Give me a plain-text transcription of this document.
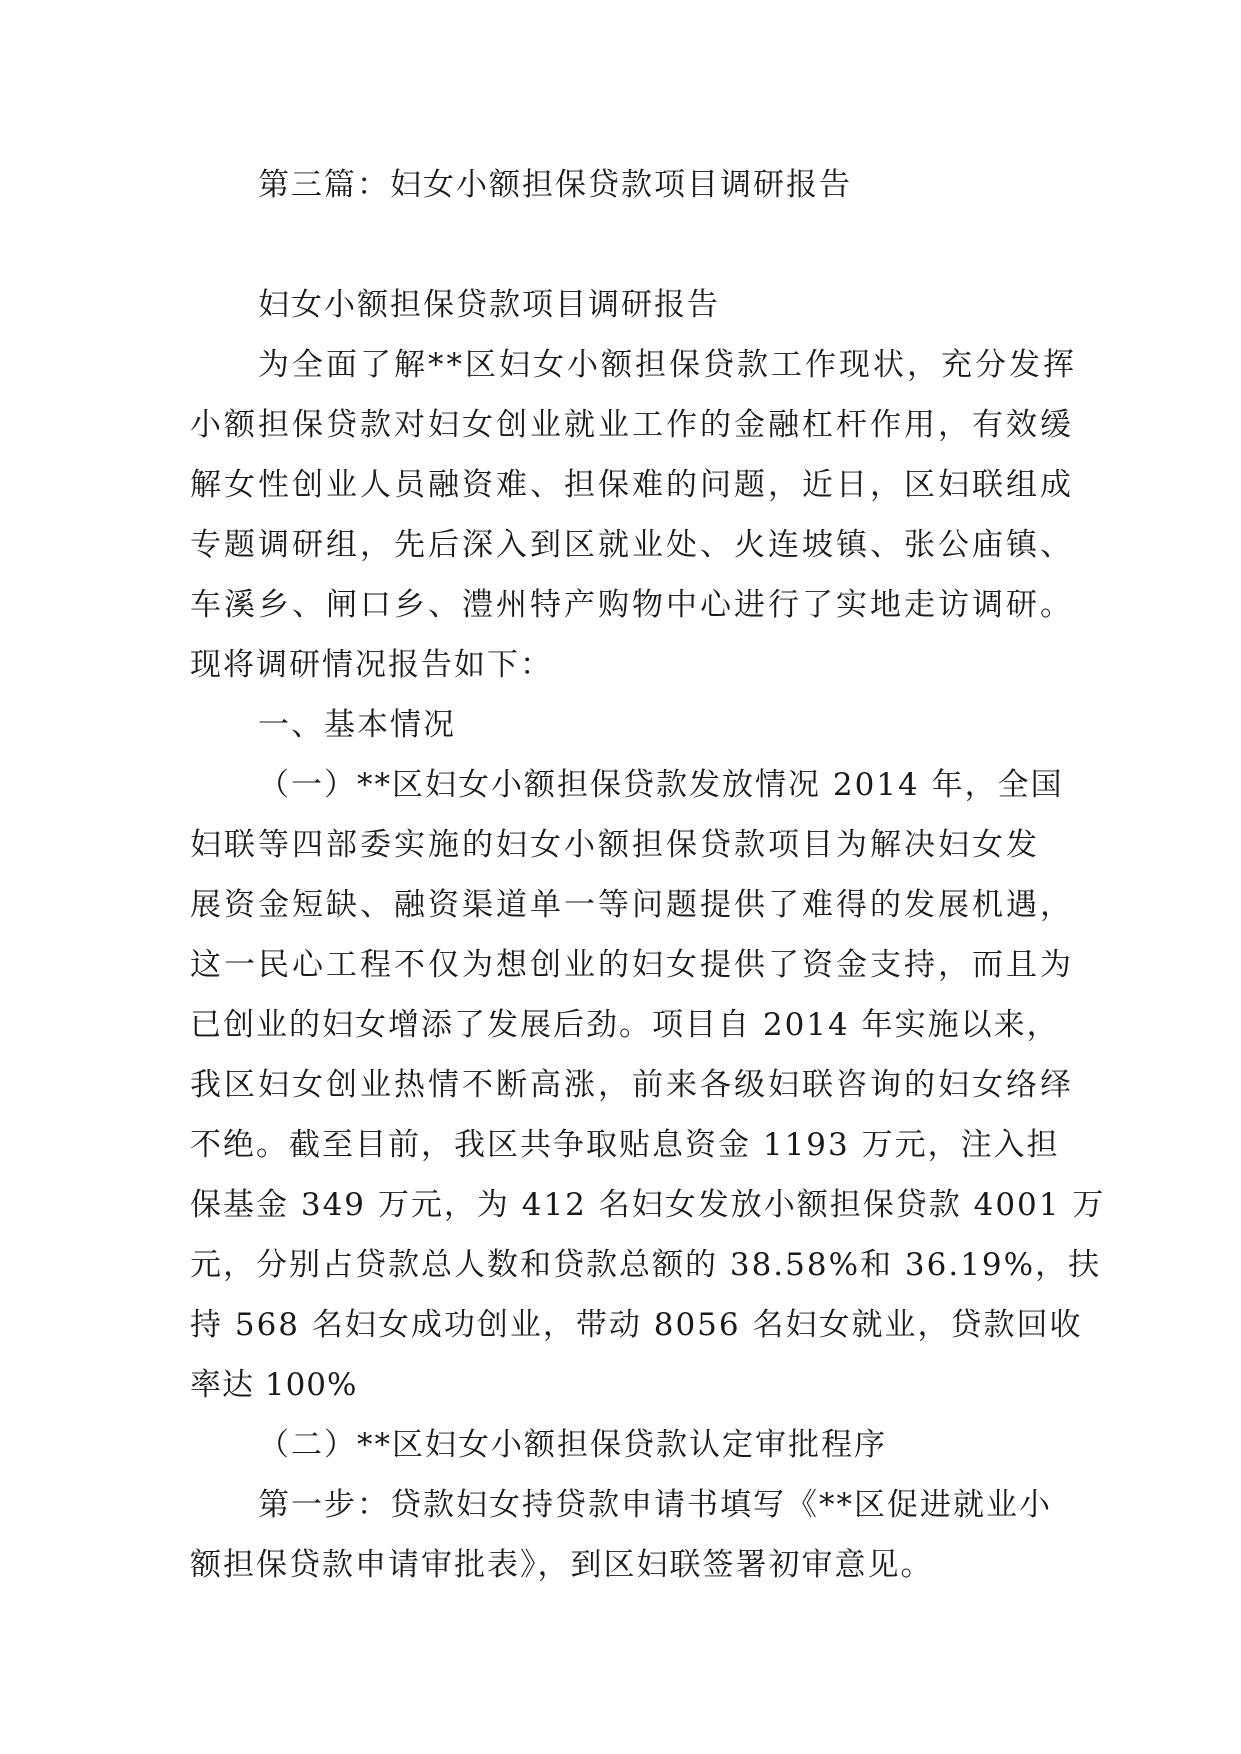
第三篇：妇女小额担保贷款项目调研报告
妇女小额担保贷款项目调研报告
为全面了解**区妇女小额担保贷款工作现状，充分发挥
小额担保贷款对妇女创业就业工作的金融杠杆作用，有效缓
解女性创业人员融资难、担保难的问题，近日，区妇联组成
专题调研组，先后深入到区就业处、火连坡镇、张公庙镇、
车溪乡、闸口乡、澧州特产购物中心进行了实地走访调研。
现将调研情况报告如下：
一、基本情况
（一）**区妇女小额担保贷款发放情况 2014 年，全国
妇联等四部委实施的妇女小额担保贷款项目为解决妇女发
展资金短缺、融资渠道单一等问题提供了难得的发展机遇，
这一民心工程不仅为想创业的妇女提供了资金支持，而且为
已创业的妇女增添了发展后劲。项目自 2014 年实施以来，
我区妇女创业热情不断高涨，前来各级妇联咨询的妇女络绎
不绝。截至目前，我区共争取贴息资金 1193 万元，注入担
保基金 349 万元，为 412 名妇女发放小额担保贷款 4001 万
元，分别占贷款总人数和贷款总额的 38.58%和 36.19%，扶
持 568 名妇女成功创业，带动 8056 名妇女就业，贷款回收
率达 100%
（二）**区妇女小额担保贷款认定审批程序
第一步：贷款妇女持贷款申请书填写《**区促进就业小
额担保贷款申请审批表》，到区妇联签署初审意见。
